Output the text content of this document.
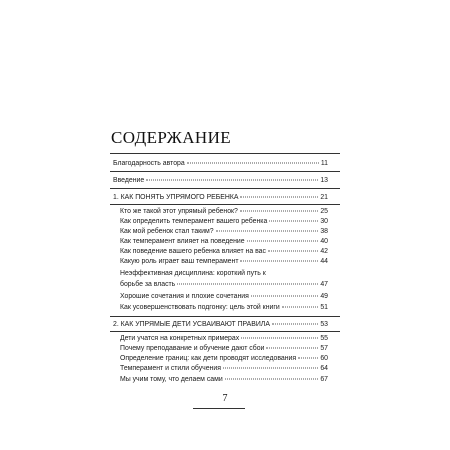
СОДЕРЖАНИЕ
Благодарность автора	11
Введение	13
1. КАК ПОНЯТЬ УПРЯМОГО РЕБЕНКА	21
Кто же такой этот упрямый ребенок?	25
Как определить темперамент вашего ребенка	30
Как мой ребенок стал таким?	38
Как темперамент влияет на поведение	40
Как поведение вашего ребенка влияет на вас	42
Какую роль играет ваш темперамент	44
Неэффективная дисциплина: короткий путь к
борьбе за власть	47
Хорошие сочетания и плохие сочетания	49
Как усовершенствовать подгонку: цель этой книги	51
2. КАК УПРЯМЫЕ ДЕТИ УСВАИВАЮТ ПРАВИЛА	53
Дети учатся на конкретных примерах	55
Почему преподавание и обучение дают сбои	57
Определение границ: как дети проводят исследования	60
Темперамент и стили обучения	64
Мы учим тому, что делаем сами	67
7
